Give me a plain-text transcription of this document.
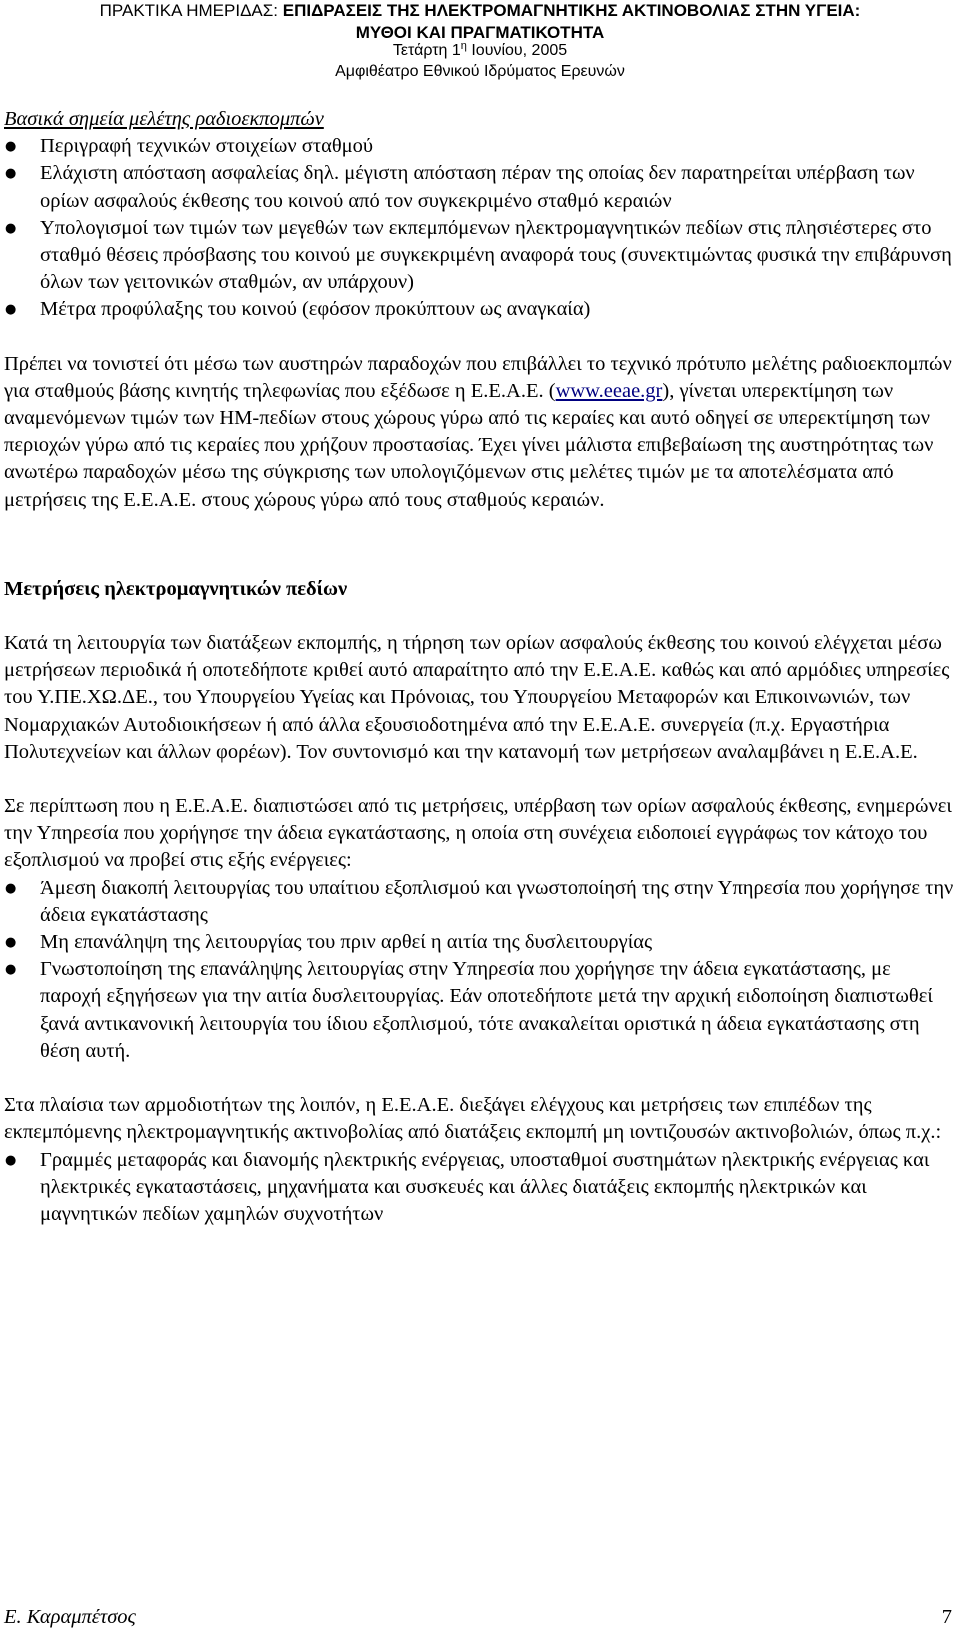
ΠΡΑΚΤΙΚΑ ΗΜΕΡΙΔΑΣ: ΕΠΙΔΡΑΣΕΙΣ ΤΗΣ ΗΛΕΚΤΡΟΜΑΓΝΗΤΙΚΗΣ ΑΚΤΙΝΟΒΟΛΙΑΣ ΣΤΗΝ ΥΓΕΙΑ:
ΜΥΘΟΙ ΚΑΙ ΠΡΑΓΜΑΤΙΚΟΤΗΤΑ
Τετάρτη $1^\eta$ Ιουνίου, 2005
Αμφιθέατρο Εθνικού Ιδρύματος Ερευνών

Βασικά σημεία μελέτης ραδιοεκπομπών

● Περιγραφή τεχνικών στοιχείων σταθμού
● Ελάχιστη απόσταση ασφαλείας δηλ. μέγιστη απόσταση πέραν της οποίας δεν παρατηρείται υπέρβαση των ορίων ασφαλούς έκθεσης του κοινού από τον συγκεκριμένο σταθμό κεραιών
● Υπολογισμοί των τιμών των μεγεθών των εκπεμπόμενων ηλεκτρομαγνητικών πεδίων στις πλησιέστερες στο σταθμό θέσεις πρόσβασης του κοινού με συγκεκριμένη αναφορά τους (συνεκτιμώντας φυσικά την επιβάρυνση όλων των γειτονικών σταθμών, αν υπάρχουν)
● Μέτρα προφύλαξης του κοινού (εφόσον προκύπτουν ως αναγκαία)

Πρέπει να τονιστεί ότι μέσω των αυστηρών παραδοχών που επιβάλλει το τεχνικό πρότυπο μελέτης ραδιοεκπομπών για σταθμούς βάσης κινητής τηλεφωνίας που εξέδωσε η Ε.Ε.Α.Ε. (www.eeae.gr), γίνεται υπερεκτίμηση των αναμενόμενων τιμών των ΗΜ-πεδίων στους χώρους γύρω από τις κεραίες και αυτό οδηγεί σε υπερεκτίμηση των περιοχών γύρω από τις κεραίες που χρήζουν προστασίας. Έχει γίνει μάλιστα επιβεβαίωση της αυστηρότητας των ανωτέρω παραδοχών μέσω της σύγκρισης των υπολογιζόμενων στις μελέτες τιμών με τα αποτελέσματα από μετρήσεις της Ε.Ε.Α.Ε. στους χώρους γύρω από τους σταθμούς κεραιών.

Μετρήσεις ηλεκτρομαγνητικών πεδίων

Κατά τη λειτουργία των διατάξεων εκπομπής, η τήρηση των ορίων ασφαλούς έκθεσης του κοινού ελέγχεται μέσω μετρήσεων περιοδικά ή οποτεδήποτε κριθεί αυτό απαραίτητο από την Ε.Ε.Α.Ε. καθώς και από αρμόδιες υπηρεσίες του Υ.ΠΕ.ΧΩ.ΔΕ., του Υπουργείου Υγείας και Πρόνοιας, του Υπουργείου Μεταφορών και Επικοινωνιών, των Νομαρχιακών Αυτοδιοικήσεων ή από άλλα εξουσιοδοτημένα από την Ε.Ε.Α.Ε. συνεργεία (π.χ. Εργαστήρια Πολυτεχνείων και άλλων φορέων). Τον συντονισμό και την κατανομή των μετρήσεων αναλαμβάνει η Ε.Ε.Α.Ε.

Σε περίπτωση που η Ε.Ε.Α.Ε. διαπιστώσει από τις μετρήσεις, υπέρβαση των ορίων ασφαλούς έκθεσης, ενημερώνει την Υπηρεσία που χορήγησε την άδεια εγκατάστασης, η οποία στη συνέχεια ειδοποιεί εγγράφως τον κάτοχο του εξοπλισμού να προβεί στις εξής ενέργειες:

● Άμεση διακοπή λειτουργίας του υπαίτιου εξοπλισμού και γνωστοποίησή της στην Υπηρεσία που χορήγησε την άδεια εγκατάστασης
● Μη επανάληψη της λειτουργίας του πριν αρθεί η αιτία της δυσλειτουργίας
● Γνωστοποίηση της επανάληψης λειτουργίας στην Υπηρεσία που χορήγησε την άδεια εγκατάστασης, με παροχή εξηγήσεων για την αιτία δυσλειτουργίας. Εάν οποτεδήποτε μετά την αρχική ειδοποίηση διαπιστωθεί ξανά αντικανονική λειτουργία του ίδιου εξοπλισμού, τότε ανακαλείται οριστικά η άδεια εγκατάστασης στη θέση αυτή.

Στα πλαίσια των αρμοδιοτήτων της λοιπόν, η Ε.Ε.Α.Ε. διεξάγει ελέγχους και μετρήσεις των επιπέδων της εκπεμπόμενης ηλεκτρομαγνητικής ακτινοβολίας από διατάξεις εκπομπή μη ιοντιζουσών ακτινοβολιών, όπως π.χ.:

● Γραμμές μεταφοράς και διανομής ηλεκτρικής ενέργειας, υποσταθμοί συστημάτων ηλεκτρικής ενέργειας και ηλεκτρικές εγκαταστάσεις, μηχανήματα και συσκευές και άλλες διατάξεις εκπομπής ηλεκτρικών και μαγνητικών πεδίων χαμηλών συχνοτήτων
Ε. Καραμπέτσος	7
